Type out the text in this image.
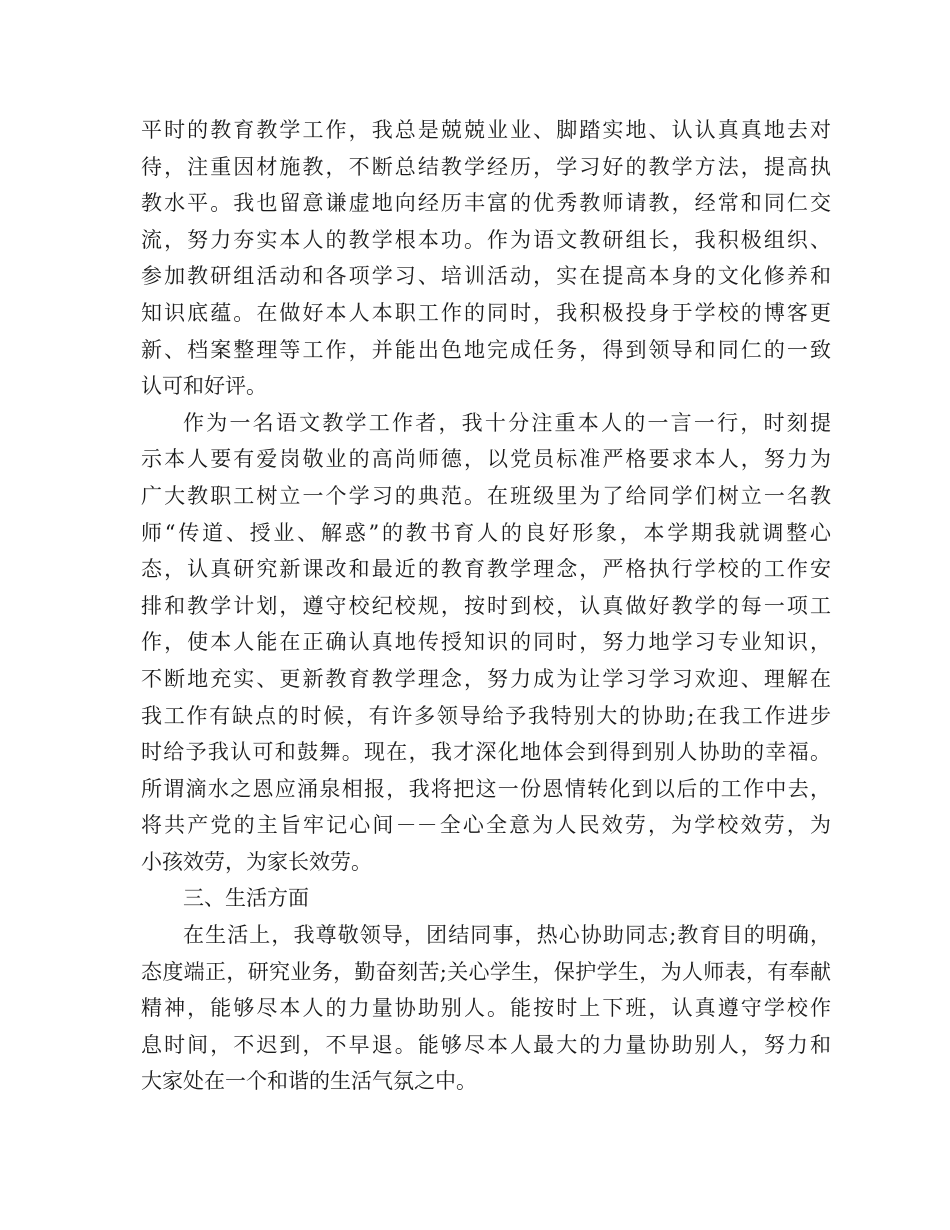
平时的教育教学工作，我总是兢兢业业、脚踏实地、认认真真地去对
待，注重因材施教，不断总结教学经历，学习好的教学方法，提高执
教水平。我也留意谦虚地向经历丰富的优秀教师请教，经常和同仁交
流，努力夯实本人的教学根本功。作为语文教研组长，我积极组织、
参加教研组活动和各项学习、培训活动，实在提高本身的文化修养和
知识底蕴。在做好本人本职工作的同时，我积极投身于学校的博客更
新、档案整理等工作，并能出色地完成任务，得到领导和同仁的一致
认可和好评。
作为一名语文教学工作者，我十分注重本人的一言一行，时刻提
示本人要有爱岗敬业的高尚师德，以党员标准严格要求本人，努力为
广大教职工树立一个学习的典范。在班级里为了给同学们树立一名教
师“传道、授业、解惑”的教书育人的良好形象，本学期我就调整心
态，认真研究新课改和最近的教育教学理念，严格执行学校的工作安
排和教学计划，遵守校纪校规，按时到校，认真做好教学的每一项工
作，使本人能在正确认真地传授知识的同时，努力地学习专业知识，
不断地充实、更新教育教学理念，努力成为让学习学习欢迎、理解在
我工作有缺点的时候，有许多领导给予我特别大的协助;在我工作进步
时给予我认可和鼓舞。现在，我才深化地体会到得到别人协助的幸福。
所谓滴水之恩应涌泉相报，我将把这一份恩情转化到以后的工作中去，
将共产党的主旨牢记心间－－全心全意为人民效劳，为学校效劳，为
小孩效劳，为家长效劳。
三、生活方面
在生活上，我尊敬领导，团结同事，热心协助同志;教育目的明确，
态度端正，研究业务，勤奋刻苦;关心学生，保护学生，为人师表，有奉献
精神，能够尽本人的力量协助别人。能按时上下班，认真遵守学校作
息时间，不迟到，不早退。能够尽本人最大的力量协助别人，努力和
大家处在一个和谐的生活气氛之中。
